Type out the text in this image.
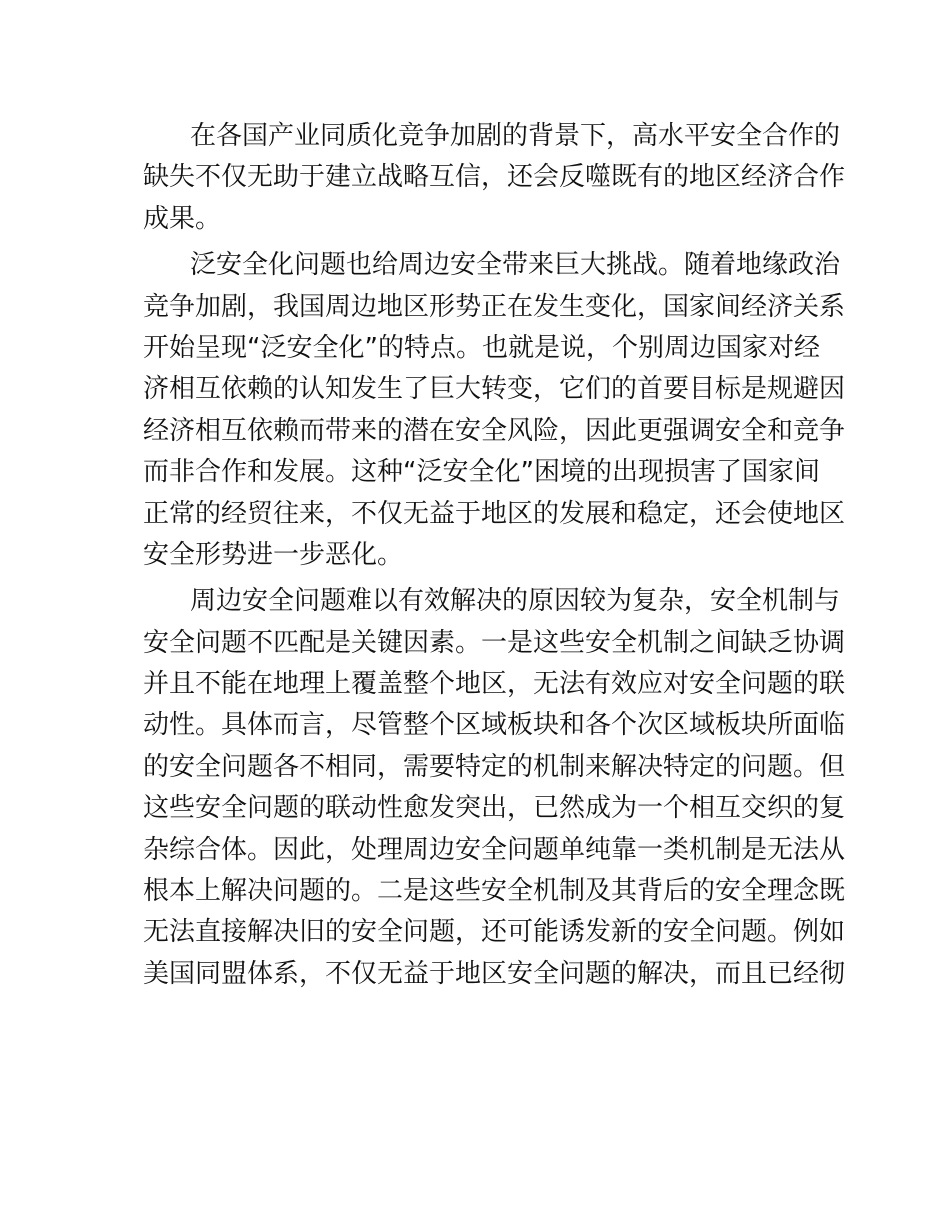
在各国产业同质化竞争加剧的背景下，高水平安全合作的
缺失不仅无助于建立战略互信，还会反噬既有的地区经济合作
成果。
泛安全化问题也给周边安全带来巨大挑战。随着地缘政治
竞争加剧，我国周边地区形势正在发生变化，国家间经济关系
开始呈现“泛安全化”的特点。也就是说，个别周边国家对经
济相互依赖的认知发生了巨大转变，它们的首要目标是规避因
经济相互依赖而带来的潜在安全风险，因此更强调安全和竞争
而非合作和发展。这种“泛安全化”困境的出现损害了国家间
正常的经贸往来，不仅无益于地区的发展和稳定，还会使地区
安全形势进一步恶化。
周边安全问题难以有效解决的原因较为复杂，安全机制与
安全问题不匹配是关键因素。一是这些安全机制之间缺乏协调
并且不能在地理上覆盖整个地区，无法有效应对安全问题的联
动性。具体而言，尽管整个区域板块和各个次区域板块所面临
的安全问题各不相同，需要特定的机制来解决特定的问题。但
这些安全问题的联动性愈发突出，已然成为一个相互交织的复
杂综合体。因此，处理周边安全问题单纯靠一类机制是无法从
根本上解决问题的。二是这些安全机制及其背后的安全理念既
无法直接解决旧的安全问题，还可能诱发新的安全问题。例如
美国同盟体系，不仅无益于地区安全问题的解决，而且已经彻
